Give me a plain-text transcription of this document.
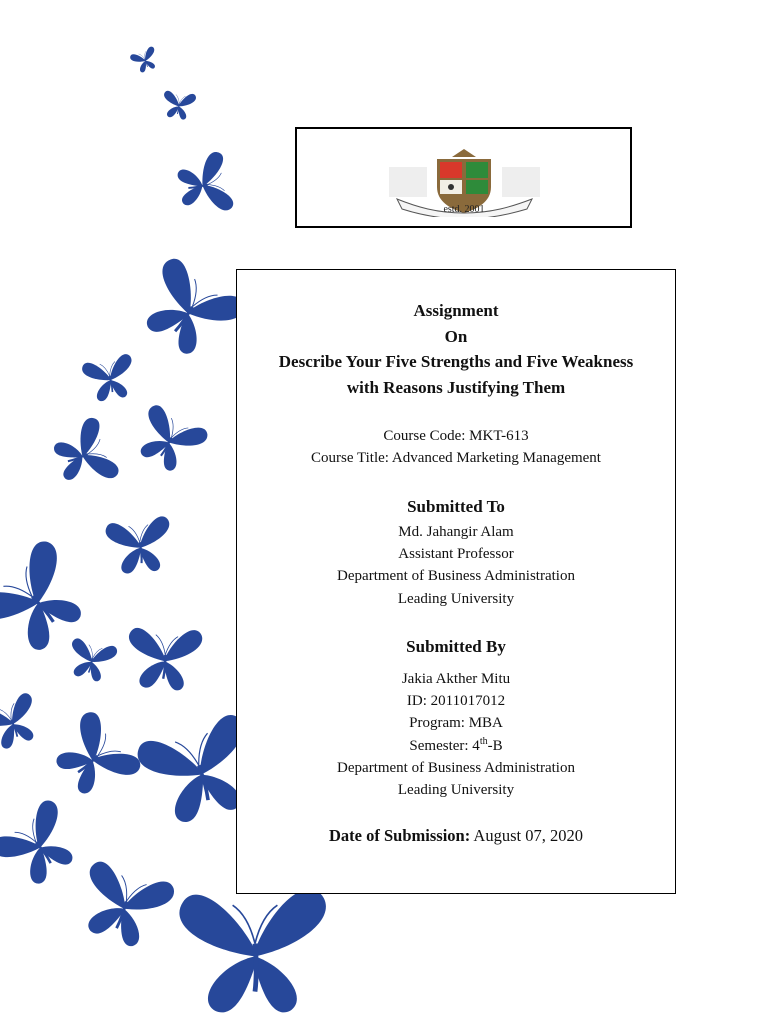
estd. 2001
Assignment
On
Describe Your Five Strengths and Five Weakness
with Reasons Justifying Them
Course Code: MKT-613
Course Title: Advanced Marketing Management
Submitted To
Md. Jahangir Alam
Assistant Professor
Department of Business Administration
Leading University
Submitted By
Jakia Akther Mitu
ID: 2011017012
Program: MBA
Semester: 4th-B
Department of Business Administration
Leading University
Date of Submission: August 07, 2020
